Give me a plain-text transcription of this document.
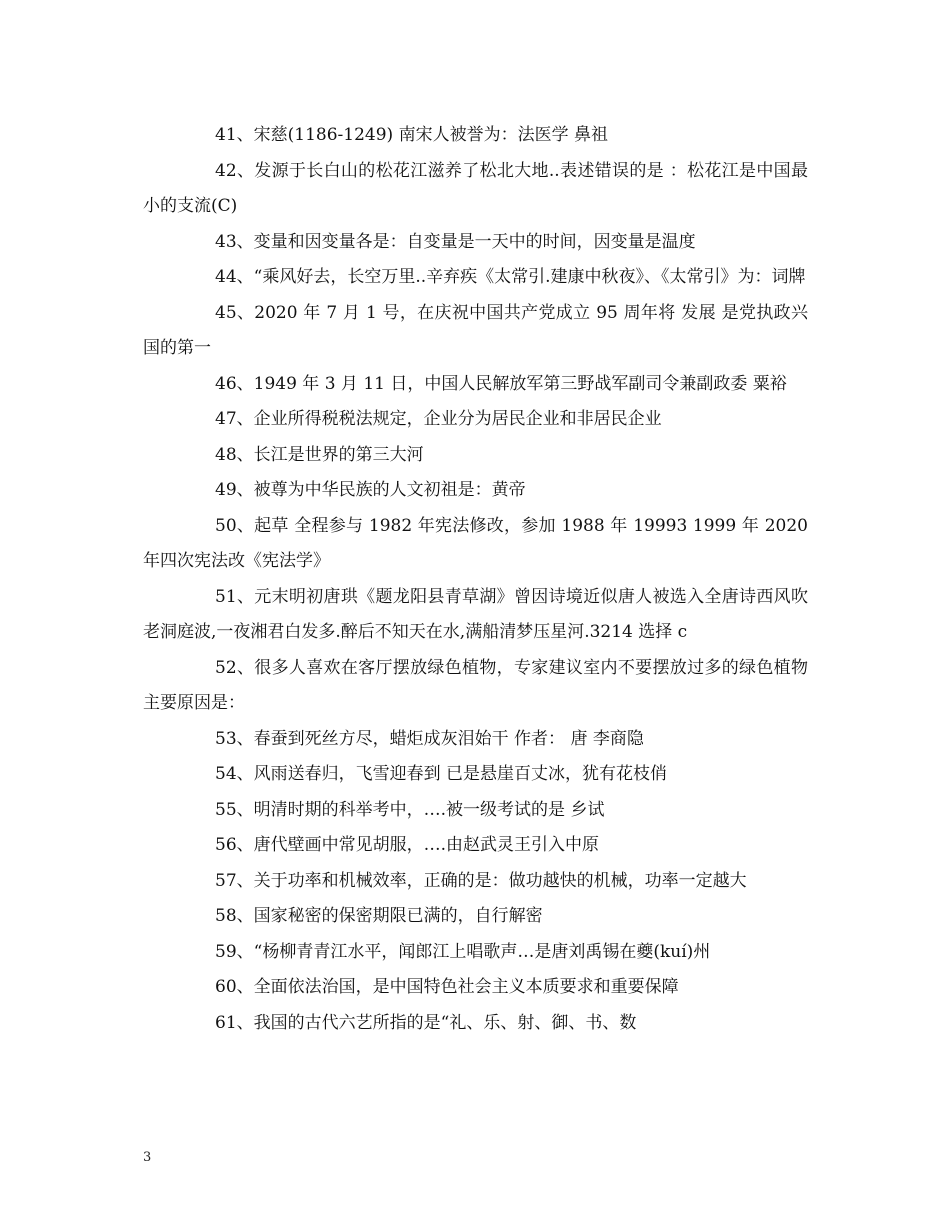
41、宋慈(1186-1249) 南宋人被誉为：法医学 鼻祖

42、发源于长白山的松花江滋养了松北大地..表述错误的是 ：松花江是中国最小的支流(C)

43、变量和因变量各是：自变量是一天中的时间，因变量是温度

44、“乘风好去，长空万里..辛弃疾《太常引.建康中秋夜》、《太常引》为：词牌

45、2020 年 7 月 1 号，在庆祝中国共产党成立 95 周年将 发展 是党执政兴国的第一

46、1949 年 3 月 11 日，中国人民解放军第三野战军副司令兼副政委 粟裕

47、企业所得税税法规定，企业分为居民企业和非居民企业

48、长江是世界的第三大河

49、被尊为中华民族的人文初祖是：黄帝

50、起草 全程参与 1982 年宪法修改，参加 1988 年 19993 1999 年 2020 年四次宪法改《宪法学》

51、元末明初唐珙《题龙阳县青草湖》曾因诗境近似唐人被选入全唐诗西风吹老洞庭波,一夜湘君白发多.醉后不知天在水,满船清梦压星河.3214 选择 c

52、很多人喜欢在客厅摆放绿色植物，专家建议室内不要摆放过多的绿色植物主要原因是：

53、春蚕到死丝方尽，蜡炬成灰泪始干 作者： 唐 李商隐

54、风雨送春归，飞雪迎春到 已是悬崖百丈冰，犹有花枝俏

55、明清时期的科举考中，….被一级考试的是 乡试

56、唐代壁画中常见胡服，….由赵武灵王引入中原

57、关于功率和机械效率，正确的是：做功越快的机械，功率一定越大

58、国家秘密的保密期限已满的，自行解密

59、“杨柳青青江水平，闻郎江上唱歌声…是唐刘禹锡在夔(kuí)州

60、全面依法治国，是中国特色社会主义本质要求和重要保障

61、我国的古代六艺所指的是“礼、乐、射、御、书、数

3
